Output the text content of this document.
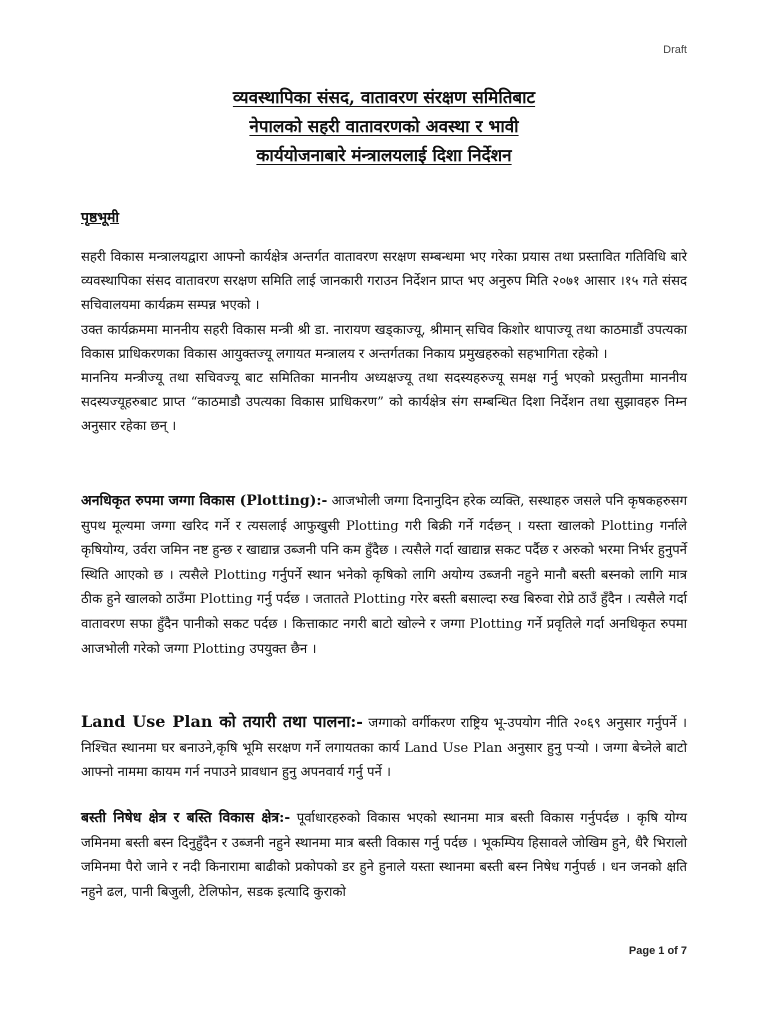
Draft
व्यवस्थापिका संसद, वातावरण संरक्षण समितिबाट
नेपालको सहरी वातावरणको अवस्था र भावी
कार्ययोजनाबारे मंन्त्रालयलाई दिशा निर्देशन
पृष्ठभूमी

सहरी विकास मन्त्रालयद्वारा आफ्नो कार्यक्षेत्र अन्तर्गत वातावरण सरक्षण सम्बन्धमा भए गरेका प्रयास तथा प्रस्तावित गतिविधि बारे व्यवस्थापिका संसद वातावरण सरक्षण समिति लाई जानकारी गराउन निर्देशन प्राप्त भए अनुरुप मिति २०७१ आसार ।१५ गते संसद सचिवालयमा कार्यक्रम सम्पन्न भएको ।

उक्त कार्यक्रममा माननीय सहरी विकास मन्त्री श्री डा. नारायण खड्काज्यू, श्रीमान् सचिव किशोर थापाज्यू तथा काठमाडौं उपत्यका विकास प्राधिकरणका विकास आयुक्तज्यू लगायत मन्त्रालय र अन्तर्गतका निकाय प्रमुखहरुको सहभागिता रहेको ।

माननिय मन्त्रीज्यू तथा सचिवज्यू बाट समितिका माननीय अध्यक्षज्यू तथा सदस्यहरुज्यू समक्ष गर्नु भएको प्रस्तुतीमा माननीय सदस्यज्यूहरुबाट प्राप्त “काठमाडौ उपत्यका विकास प्राधिकरण” को कार्यक्षेत्र संग सम्बन्धित दिशा निर्देशन तथा सुझावहरु निम्न अनुसार रहेका छन् ।

अनधिकृत रुपमा जग्गा विकास (Plotting):- आजभोली जग्गा दिनानुदिन हरेक व्यक्ति, सस्थाहरु जसले पनि कृषकहरुसग सुपथ मूल्यमा जग्गा खरिद गर्ने र त्यसलाई आफुखुसी Plotting गरी बिक्री गर्ने गर्दछन् । यस्ता खालको Plotting गर्नाले कृषियोग्य, उर्वरा जमिन नष्ट हुन्छ र खाद्यान्न उब्जनी पनि कम हुँदैछ । त्यसैले गर्दा खाद्यान्न सकट पर्दैछ र अरुको भरमा निर्भर हुनुपर्ने स्थिति आएको छ । त्यसैले Plotting गर्नुपर्ने स्थान भनेको कृषिको लागि अयोग्य उब्जनी नहुने मानौ बस्ती बस्नको लागि मात्र ठीक हुने खालको ठाउँमा Plotting गर्नु पर्दछ । जतातते Plotting गरेर बस्ती बसाल्दा रुख बिरुवा रोप्ने ठाउँ हुँदैन । त्यसैले गर्दा वातावरण सफा हुँदैन पानीको सकट पर्दछ । कित्ताकाट नगरी बाटो खोल्ने र जग्गा Plotting गर्ने प्रवृतिले गर्दा अनधिकृत रुपमा आजभोली गरेको जग्गा Plotting उपयुक्त छैन ।

Land Use Plan को तयारी तथा पालना:- जग्गाको वर्गीकरण राष्ट्रिय भू-उपयोग नीति २०६९ अनुसार गर्नुपर्ने । निश्चित स्थानमा घर बनाउने,कृषि भूमि सरक्षण गर्ने लगायतका कार्य Land Use Plan अनुसार हुनु पर्‍यो । जग्गा बेच्नेले बाटो आफ्नो नाममा कायम गर्न नपाउने प्रावधान हुनु अपनवार्य गर्नु पर्ने ।

बस्ती निषेध क्षेत्र र बस्ति विकास क्षेत्र:- पूर्वाधारहरुको विकास भएको स्थानमा मात्र बस्ती विकास गर्नुपर्दछ । कृषि योग्य जमिनमा बस्ती बस्न दिनुहुँदैन र उब्जनी नहुने स्थानमा मात्र बस्ती विकास गर्नु पर्दछ । भूकम्पिय हिसावले जोखिम हुने, धैरै भिरालो जमिनमा पैरो जाने र नदी किनारामा बाढीको प्रकोपको डर हुने हुनाले यस्ता स्थानमा बस्ती बस्न निषेध गर्नुपर्छ । धन जनको क्षति नहुने ढल, पानी बिजुली, टेलिफोन, सडक इत्यादि कुराको

Page 1 of 7
